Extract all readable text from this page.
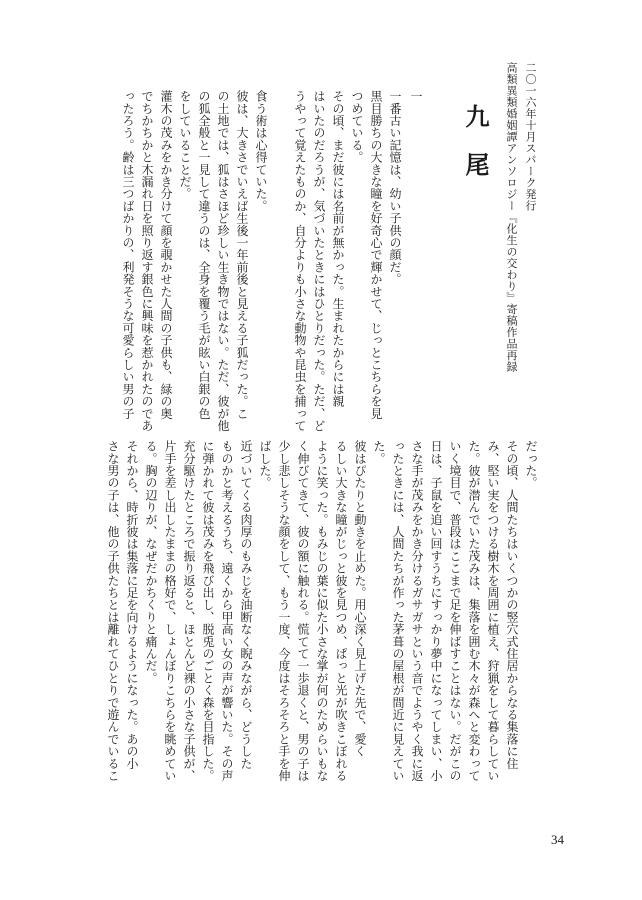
二〇一六年十月スパーク発行
高類異類婚姻譚アンソロジー『化生の交わり』寄稿作品再録
九尾
一
一番古い記憶は、幼い子供の顔だ。
黒目勝ちの大きな瞳を好奇心で輝かせて、じっとこちらを見
つめている。
その頃、まだ彼には名前が無かった。生まれたからには親
はいたのだろうが、気づいたときにはひとりだった。ただ、ど
うやって覚えたものか、自分よりも小さな動物や昆虫を捕って
食う術は心得ていた。
彼は、大きさでいえば生後一年前後と見える子狐だった。こ
の土地では、狐はさほど珍しい生き物ではない。ただ、彼が他
の狐全般と一見して違うのは、全身を覆う毛が眩い白銀の色
をしていることだ。
灌木の茂みをかき分けて顔を覗かせた人間の子供も、緑の奥
でちかちかと木漏れ日を照り返す銀色に興味を惹かれたのであ
ったろう。齢は三つばかりの、利発そうな可愛らしい男の子
だった。
その頃、人間たちはいくつかの竪穴式住居からなる集落に住
み、堅い実をつける樹木を周囲に植え、狩猟をして暮らしてい
た。彼が潜んでいた茂みは、集落を囲む木々が森へと変わって
いく境目で、普段はここまで足を伸ばすことはない。だがこの
日は、子鼠を追い回すうちにすっかり夢中になってしまい、小
さな手が茂みをかき分けるガサガサという音でようやく我に返
ったときには、人間たちが作った茅葺の屋根が間近に見えてい
た。
彼はぴたりと動きを止めた。用心深く見上げた先で、愛く
るしい大きな瞳がじっと彼を見つめ、ぱっと光が吹きこぼれる
ように笑った。もみじの葉に似た小さな掌が何のためらいもな
く伸びてきて、彼の額に触れる。慌てて一歩退くと、男の子は
少し悲しそうな顔をして、もう一度、今度はそろそろと手を伸
ばした。
近づいてくる肉厚のもみじを油断なく睨みながら、どうした
ものかと考えるうち、遠くから甲高い女の声が響いた。その声
に弾かれて彼は茂みを飛び出し、脱兎のごとく森を目指した。
充分駆けたところで振り返ると、ほとんど裸の小さな子供が、
片手を差し出したままの格好で、しょんぼりこちらを眺めてい
る。胸の辺りが、なぜだかちくりと痛んだ。
それから、時折彼は集落に足を向けるようになった。あの小
さな男の子は、他の子供たちとは離れてひとりで遊んでいるこ
34
